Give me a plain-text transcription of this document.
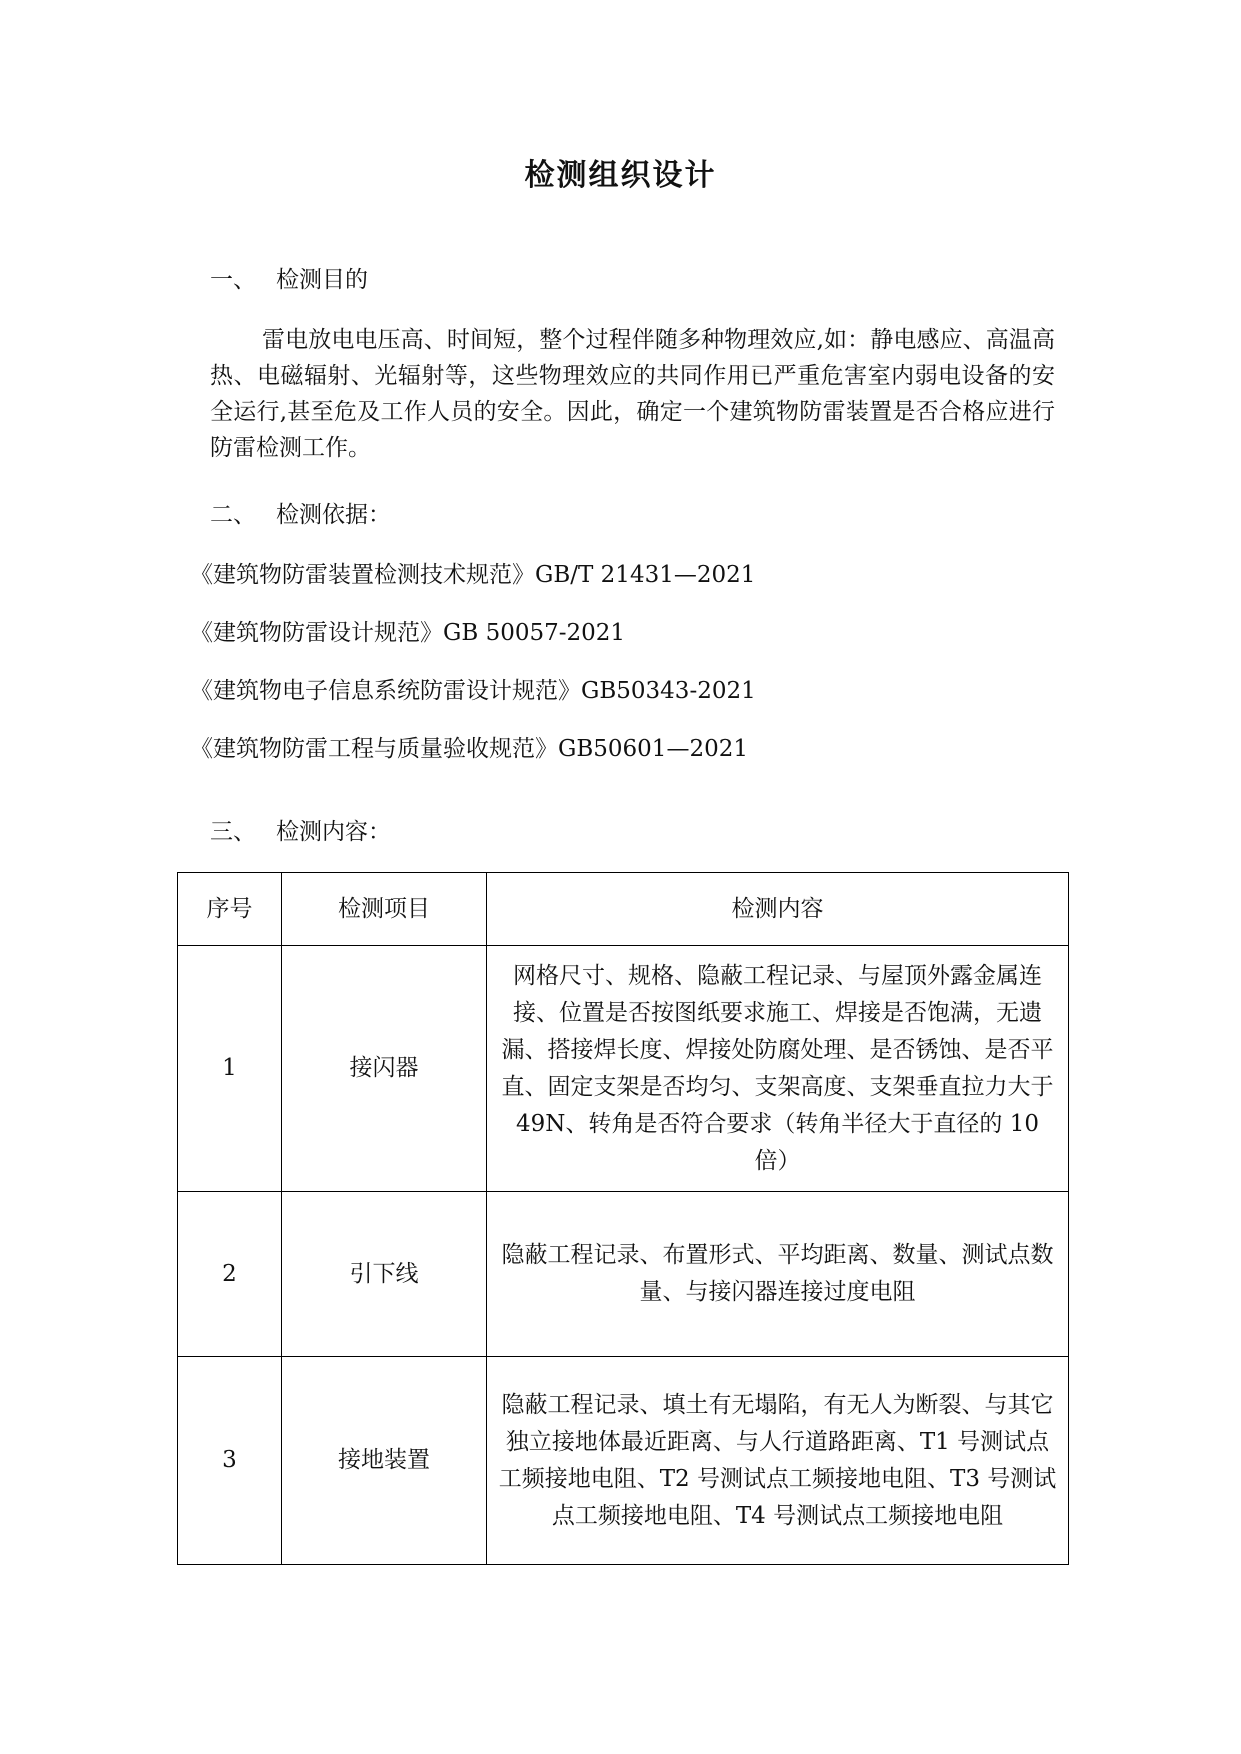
检测组织设计

一、 检测目的

雷电放电电压高、时间短，整个过程伴随多种物理效应,如：静电感应、高温高热、电磁辐射、光辐射等，这些物理效应的共同作用已严重危害室内弱电设备的安全运行,甚至危及工作人员的安全。因此，确定一个建筑物防雷装置是否合格应进行防雷检测工作。

二、 检测依据：

《建筑物防雷装置检测技术规范》GB/T 21431—2021

《建筑物防雷设计规范》GB 50057-2021

《建筑物电子信息系统防雷设计规范》GB50343-2021

《建筑物防雷工程与质量验收规范》GB50601—2021

三、 检测内容：

序号	检测项目	检测内容
1	接闪器	网格尺寸、规格、隐蔽工程记录、与屋顶外露金属连接、位置是否按图纸要求施工、焊接是否饱满，无遗漏、搭接焊长度、焊接处防腐处理、是否锈蚀、是否平直、固定支架是否均匀、支架高度、支架垂直拉力大于 49N、转角是否符合要求（转角半径大于直径的 10 倍）
2	引下线	隐蔽工程记录、布置形式、平均距离、数量、测试点数量、与接闪器连接过度电阻
3	接地装置	隐蔽工程记录、填土有无塌陷，有无人为断裂、与其它独立接地体最近距离、与人行道路距离、T1 号测试点工频接地电阻、T2 号测试点工频接地电阻、T3 号测试点工频接地电阻、T4 号测试点工频接地电阻
